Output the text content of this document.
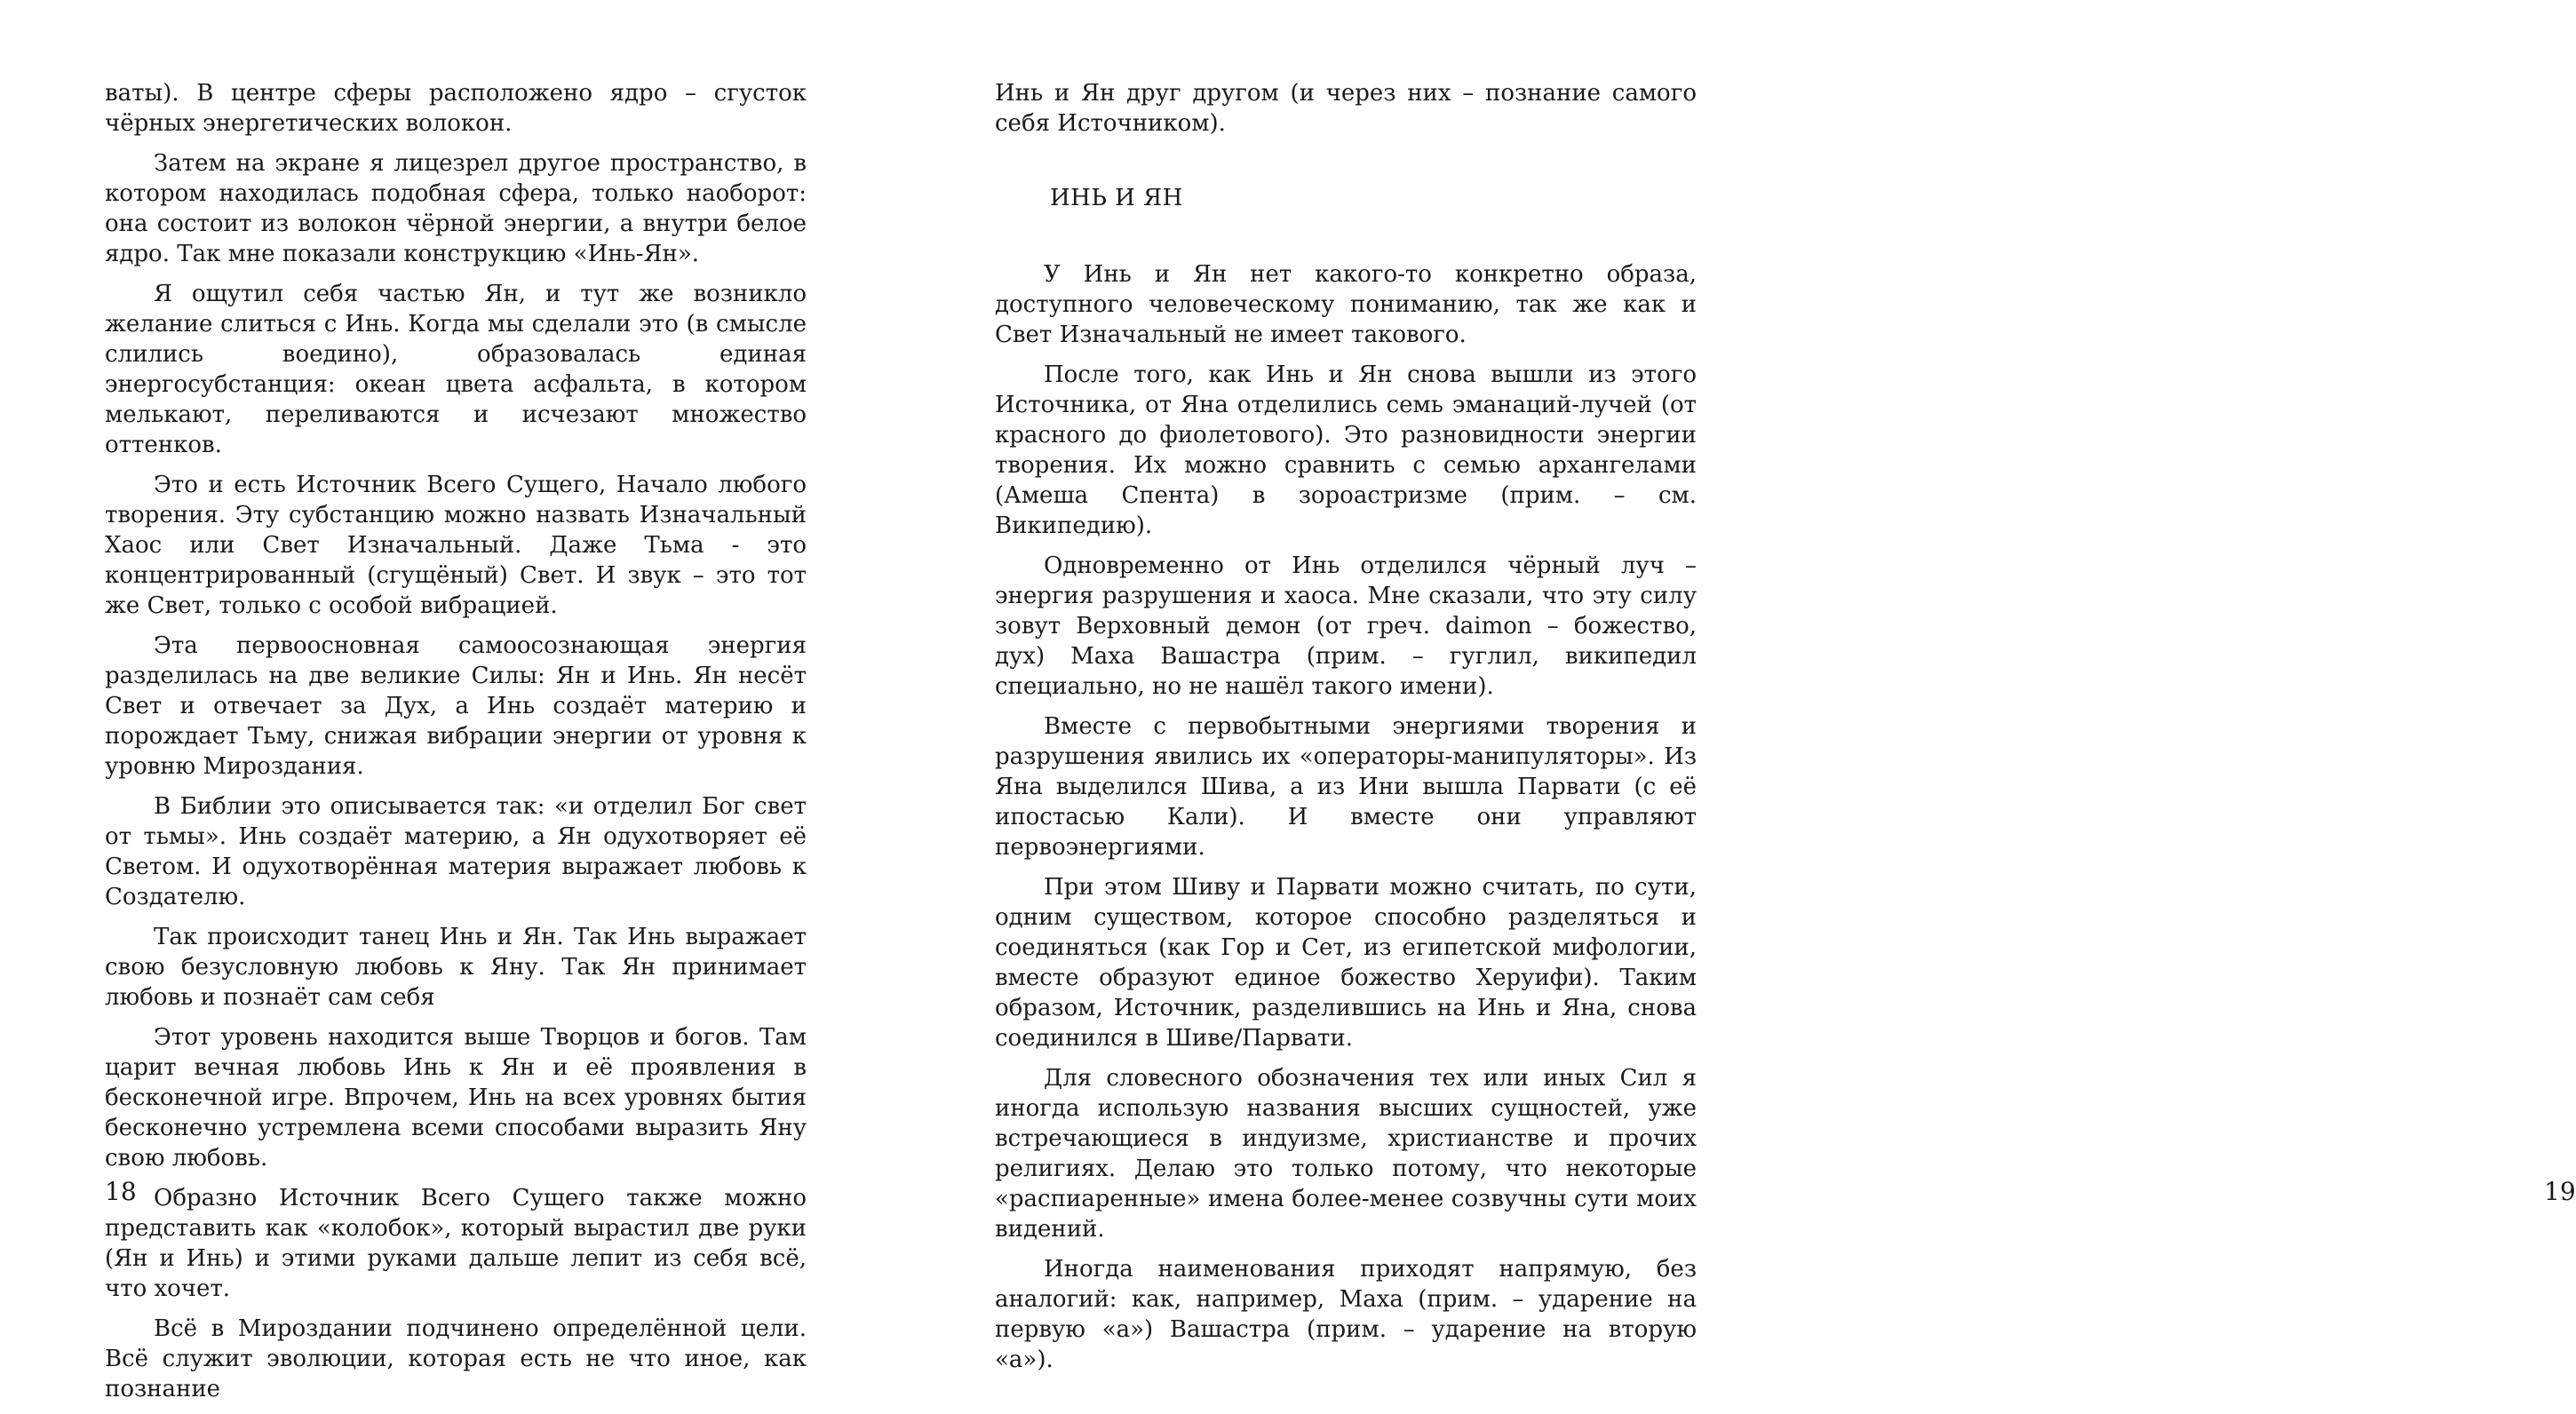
ваты). В центре сферы расположено ядро – сгусток чёрных энергетических волокон.

Затем на экране я лицезрел другое пространство, в котором находилась подобная сфера, только наоборот: она состоит из волокон чёрной энергии, а внутри белое ядро. Так мне показали конструкцию «Инь-Ян».

Я ощутил себя частью Ян, и тут же возникло желание слиться с Инь. Когда мы сделали это (в смысле слились воедино), образовалась единая энергосубстанция: океан цвета асфальта, в котором мелькают, переливаются и исчезают множество оттенков.

Это и есть Источник Всего Сущего, Начало любого творения. Эту субстанцию можно назвать Изначальный Хаос или Свет Изначальный. Даже Тьма - это концентрированный (сгущёный) Свет. И звук – это тот же Свет, только с особой вибрацией.

Эта первоосновная самоосознающая энергия разделилась на две великие Силы: Ян и Инь. Ян несёт Свет и отвечает за Дух, а Инь создаёт материю и порождает Тьму, снижая вибрации энергии от уровня к уровню Мироздания.

В Библии это описывается так: «и отделил Бог свет от тьмы». Инь создаёт материю, а Ян одухотворяет её Светом. И одухотворённая материя выражает любовь к Создателю.

Так происходит танец Инь и Ян. Так Инь выражает свою безусловную любовь к Яну. Так Ян принимает любовь и познаёт сам себя

Этот уровень находится выше Творцов и богов. Там царит вечная любовь Инь к Ян и её проявления в бесконечной игре. Впрочем, Инь на всех уровнях бытия бесконечно устремлена всеми способами выразить Яну свою любовь.

Образно Источник Всего Сущего также можно представить как «колобок», который вырастил две руки (Ян и Инь) и этими руками дальше лепит из себя всё, что хочет.

Всё в Мироздании подчинено определённой цели. Всё служит эволюции, которая есть не что иное, как познание

18

Инь и Ян друг другом (и через них – познание самого себя Источником).

ИНЬ И ЯН

У Инь и Ян нет какого-то конкретно образа, доступного человеческому пониманию, так же как и Свет Изначальный не имеет такового.

После того, как Инь и Ян снова вышли из этого Источника, от Яна отделились семь эманаций-лучей (от красного до фиолетового). Это разновидности энергии творения. Их можно сравнить с семью архангелами (Амеша Спента) в зороастризме (прим. – см. Википедию).

Одновременно от Инь отделился чёрный луч – энергия разрушения и хаоса. Мне сказали, что эту силу зовут Верховный демон (от греч. daimon – божество, дух) Маха Вашастра (прим. – гуглил, википедил специально, но не нашёл такого имени).

Вместе с первобытными энергиями творения и разрушения явились их «операторы-манипуляторы». Из Яна выделился Шива, а из Ини вышла Парвати (с её ипостасью Кали). И вместе они управляют первоэнергиями.

При этом Шиву и Парвати можно считать, по сути, одним существом, которое способно разделяться и соединяться (как Гор и Сет, из египетской мифологии, вместе образуют единое божество Херуифи). Таким образом, Источник, разделившись на Инь и Яна, снова соединился в Шиве/Парвати.

Для словесного обозначения тех или иных Сил я иногда использую названия высших сущностей, уже встречающиеся в индуизме, христианстве и прочих религиях. Делаю это только потому, что некоторые «распиаренные» имена более-менее созвучны сути моих видений.

Иногда наименования приходят напрямую, без аналогий: как, например, Маха (прим. – ударение на первую «а») Вашастра (прим. – ударение на вторую «а»).

19
